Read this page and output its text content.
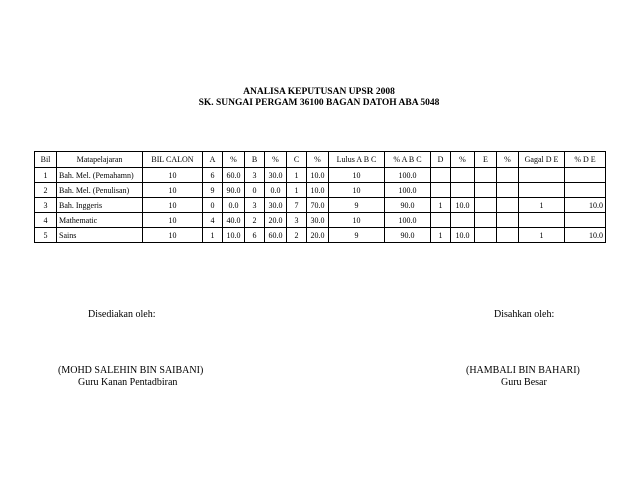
ANALISA KEPUTUSAN UPSR 2008
SK. SUNGAI PERGAM 36100 BAGAN DATOH ABA 5048
Bil	Matapelajaran	BIL CALON	A	%	B	%	C	%	Lulus A B C	% A B C	D	%	E	%	Gagal D E	% D E
1	Bah. Mel. (Pemahamn)	10	6	60.0	3	30.0	1	10.0	10	100.0						
2	Bah. Mel. (Penulisan)	10	9	90.0	0	0.0	1	10.0	10	100.0						
3	Bah. Inggeris	10	0	0.0	3	30.0	7	70.0	9	90.0	1	10.0			1	10.0
4	Mathematic	10	4	40.0	2	20.0	3	30.0	10	100.0						
5	Sains	10	1	10.0	6	60.0	2	20.0	9	90.0	1	10.0			1	10.0
Disediakan oleh:	Disahkan oleh:
(MOHD SALEHIN BIN SAIBANI)
Guru Kanan Pentadbiran
(HAMBALI BIN BAHARI)
Guru Besar
